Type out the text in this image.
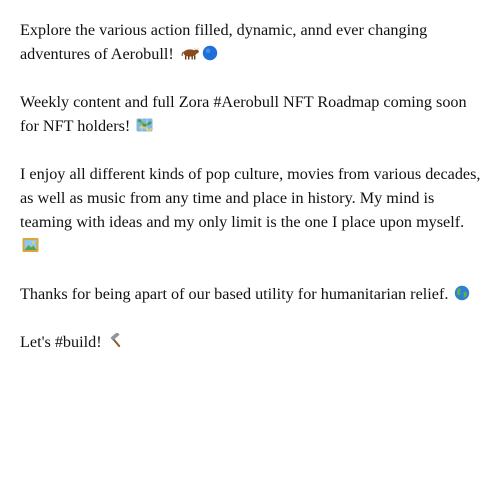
Explore the various action filled, dynamic, annd ever changing adventures of Aerobull!

Weekly content and full Zora #Aerobull NFT Roadmap coming soon for NFT holders!

I enjoy all different kinds of pop culture, movies from various decades, as well as music from any time and place in history. My mind is teaming with ideas and my only limit is the one I place upon myself.

Thanks for being apart of our based utility for humanitarian relief.

Let's #build!
